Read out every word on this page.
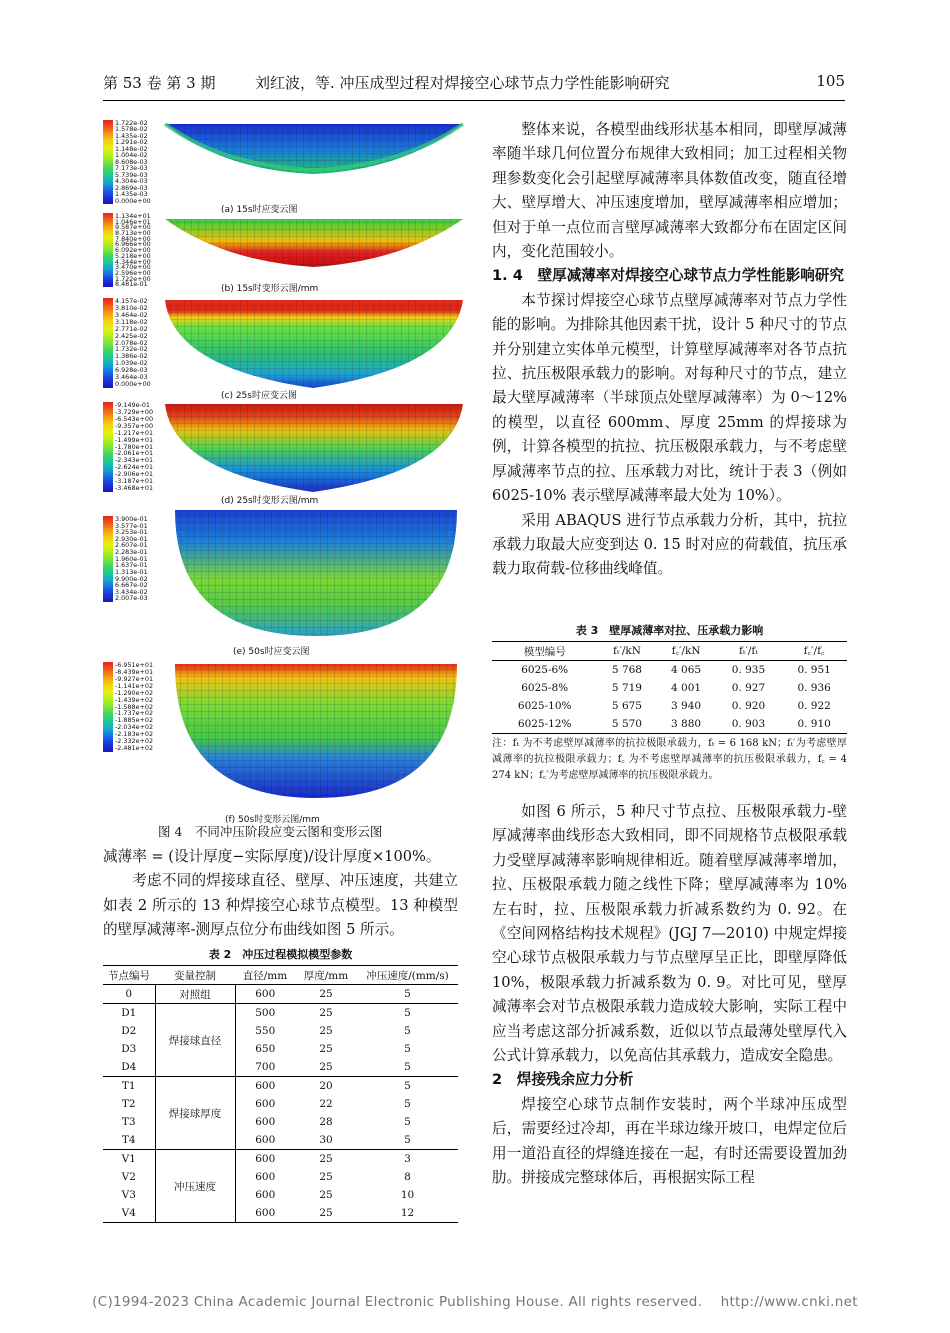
第 53 卷 第 3 期	刘红波，等. 冲压成型过程对焊接空心球节点力学性能影响研究	105
1.722e-02
1.578e-02
1.435e-02
1.291e-02
1.148e-02
1.004e-02
8.608e-03
7.173e-03
5.739e-03
4.304e-03
2.869e-03
1.435e-03
0.000e+00
(a) 15s时应变云图
1.134e+01
1.046e+01
9.587e+00
8.713e+00
7.840e+00
6.966e+00
6.092e+00
5.218e+00
4.344e+00
3.470e+00
2.596e+00
1.722e+00
8.481e-01	(b) 15s时变形云图/mm
4.157e-02
3.810e-02
3.464e-02
3.118e-02
2.771e-02
2.425e-02
2.078e-02
1.732e-02
1.386e-02
1.039e-02
6.928e-03
3.464e-03
0.000e+00
(c) 25s时应变云图
-9.149e-01
-3.729e+00
-6.543e+00
-9.357e+00
-1.217e+01
-1.499e+01
-1.780e+01
-2.061e+01
-2.343e+01
-2.624e+01
-2.906e+01
-3.187e+01
-3.468e+01
(d) 25s时变形云图/mm
3.900e-01
3.577e-01
3.253e-01
2.930e-01
2.607e-01
2.283e-01
1.960e-01
1.637e-01
1.313e-01
9.900e-02
6.667e-02
3.434e-02
2.007e-03
(e) 50s时应变云图
-6.951e+01
-8.439e+01
-9.927e+01
-1.141e+02
-1.290e+02
-1.439e+02
-1.588e+02
-1.737e+02
-1.885e+02
-2.034e+02
-2.183e+02
-2.332e+02
-2.481e+02
(f) 50s时变形云图/mm
图 4　不同冲压阶段应变云图和变形云图

减薄率 = (设计厚度−实际厚度)/设计厚度×100%。

考虑不同的焊接球直径、壁厚、冲压速度，共建立如表 2 所示的 13 种焊接空心球节点模型。13 种模型的壁厚减薄率-测厚点位分布曲线如图 5 所示。

表 2　冲压过程模拟模型参数
节点编号	变量控制	直径/mm	厚度/mm	冲压速度/(mm/s)
0	对照组	600	25	5
D1	焊接球直径	500	25	5
D2		550	25	5
D3		650	25	5
D4		700	25	5
T1	焊接球厚度	600	20	5
T2		600	22	5
T3		600	28	5
T4		600	30	5
V1	冲压速度	600	25	3
V2		600	25	8
V3		600	25	10
V4		600	25	12

整体来说，各模型曲线形状基本相同，即壁厚减薄率随半球几何位置分布规律大致相同；加工过程相关物理参数变化会引起壁厚减薄率具体数值改变，随直径增大、壁厚增大、冲压速度增加，壁厚减薄率相应增加；但对于单一点位而言壁厚减薄率大致都分布在固定区间内，变化范围较小。

1. 4　壁厚减薄率对焊接空心球节点力学性能影响研究

本节探讨焊接空心球节点壁厚减薄率对节点力学性能的影响。为排除其他因素干扰，设计 5 种尺寸的节点并分别建立实体单元模型，计算壁厚减薄率对各节点抗拉、抗压极限承载力的影响。对每种尺寸的节点，建立最大壁厚减薄率（半球顶点处壁厚减薄率）为 0～12% 的模型，以直径 600mm、厚度 25mm 的焊接球为例，计算各模型的抗拉、抗压极限承载力，与不考虑壁厚减薄率节点的拉、压承载力对比，统计于表 3（例如 6025-10% 表示壁厚减薄率最大处为 10%）。

采用 ABAQUS 进行节点承载力分析，其中，抗拉承载力取最大应变到达 0. 15 时对应的荷载值，抗压承载力取荷载-位移曲线峰值。

表 3　壁厚减薄率对拉、压承载力影响
模型编号	fₜ′/kN	f꜀′/kN	fₜ′/fₜ	f꜀′/f꜀
6025-6%	5 768	4 065	0. 935	0. 951
6025-8%	5 719	4 001	0. 927	0. 936
6025-10%	5 675	3 940	0. 920	0. 922
6025-12%	5 570	3 880	0. 903	0. 910
注：fₜ 为不考虑壁厚减薄率的抗拉极限承载力，fₜ = 6 168 kN；fₜ′为考虑壁厚减薄率的抗拉极限承载力；f꜀ 为不考虑壁厚减薄率的抗压极限承载力，f꜀ = 4 274 kN；f꜀′为考虑壁厚减薄率的抗压极限承载力。

如图 6 所示，5 种尺寸节点拉、压极限承载力-壁厚减薄率曲线形态大致相同，即不同规格节点极限承载力受壁厚减薄率影响规律相近。随着壁厚减薄率增加，拉、压极限承载力随之线性下降；壁厚减薄率为 10% 左右时，拉、压极限承载力折减系数约为 0. 92。在《空间网格结构技术规程》(JGJ 7—2010) 中规定焊接空心球节点极限承载力与节点壁厚呈正比，即壁厚降低 10%，极限承载力折减系数为 0. 9。对比可见，壁厚减薄率会对节点极限承载力造成较大影响，实际工程中应当考虑这部分折减系数，近似以节点最薄处壁厚代入公式计算承载力，以免高估其承载力，造成安全隐患。

2　焊接残余应力分析

焊接空心球节点制作安装时，两个半球冲压成型后，需要经过冷却，再在半球边缘开坡口，电焊定位后用一道沿直径的焊缝连接在一起，有时还需要设置加劲肋。拼接成完整球体后，再根据实际工程

(C)1994-2023 China Academic Journal Electronic Publishing House. All rights reserved.　 http://www.cnki.net
